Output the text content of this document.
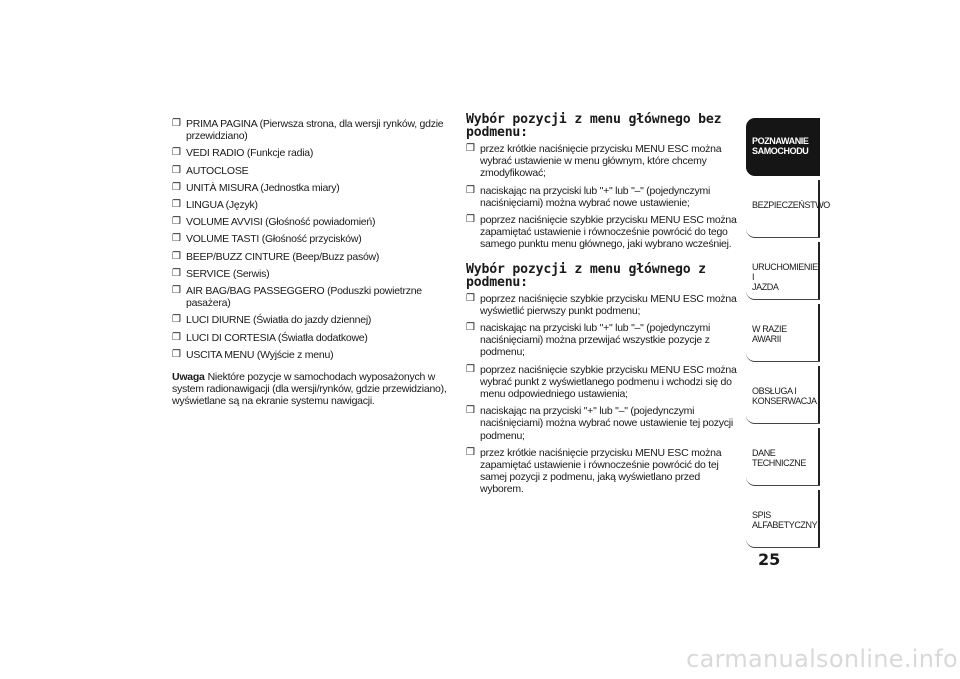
❒ PRIMA PAGINA (Pierwsza strona, dla wersji rynków, gdzie przewidziano)
❒ VEDI RADIO (Funkcje radia)
❒ AUTOCLOSE
❒ UNITÀ MISURA (Jednostka miary)
❒ LINGUA (Język)
❒ VOLUME AVVISI (Głośność powiadomień)
❒ VOLUME TASTI (Głośność przycisków)
❒ BEEP/BUZZ CINTURE (Beep/Buzz pasów)
❒ SERVICE (Serwis)
❒ AIR BAG/BAG PASSEGGERO (Poduszki powietrzne pasażera)
❒ LUCI DIURNE (Światła do jazdy dziennej)
❒ LUCI DI CORTESIA (Światła dodatkowe)
❒ USCITA MENU (Wyjście z menu)
Uwaga Niektóre pozycje w samochodach wyposażonych w system radionawigacji (dla wersji/rynków, gdzie przewidziano), wyświetlane są na ekranie systemu nawigacji.
Wybór pozycji z menu głównego bez podmenu:
❒ przez krótkie naciśnięcie przycisku MENU ESC można wybrać ustawienie w menu głównym, które chcemy zmodyfikować;
❒ naciskając na przyciski lub "+" lub "–" (pojedynczymi naciśnięciami) można wybrać nowe ustawienie;
❒ poprzez naciśnięcie szybkie przycisku MENU ESC można zapamiętać ustawienie i równocześnie powrócić do tego samego punktu menu głównego, jaki wybrano wcześniej.
Wybór pozycji z menu głównego z podmenu:
❒ poprzez naciśnięcie szybkie przycisku MENU ESC można wyświetlić pierwszy punkt podmenu;
❒ naciskając na przyciski lub "+" lub "–" (pojedynczymi naciśnięciami) można przewijać wszystkie pozycje z podmenu;
❒ poprzez naciśnięcie szybkie przycisku MENU ESC można wybrać punkt z wyświetlanego podmenu i wchodzi się do menu odpowiedniego ustawienia;
❒ naciskając na przyciski "+" lub "–" (pojedynczymi naciśnięciami) można wybrać nowe ustawienie tej pozycji podmenu;
❒ przez krótkie naciśnięcie przycisku MENU ESC można zapamiętać ustawienie i równocześnie powrócić do tej samej pozycji z podmenu, jaką wyświetlano przed wyborem.
POZNAWANIE
SAMOCHODU
BEZPIECZEŃSTWO
URUCHOMIENIE I
JAZDA
W RAZIE AWARII
OBSŁUGA I
KONSERWACJA
DANE TECHNICZNE
SPIS ALFABETYCZNY
25
carmanualsonline.info
